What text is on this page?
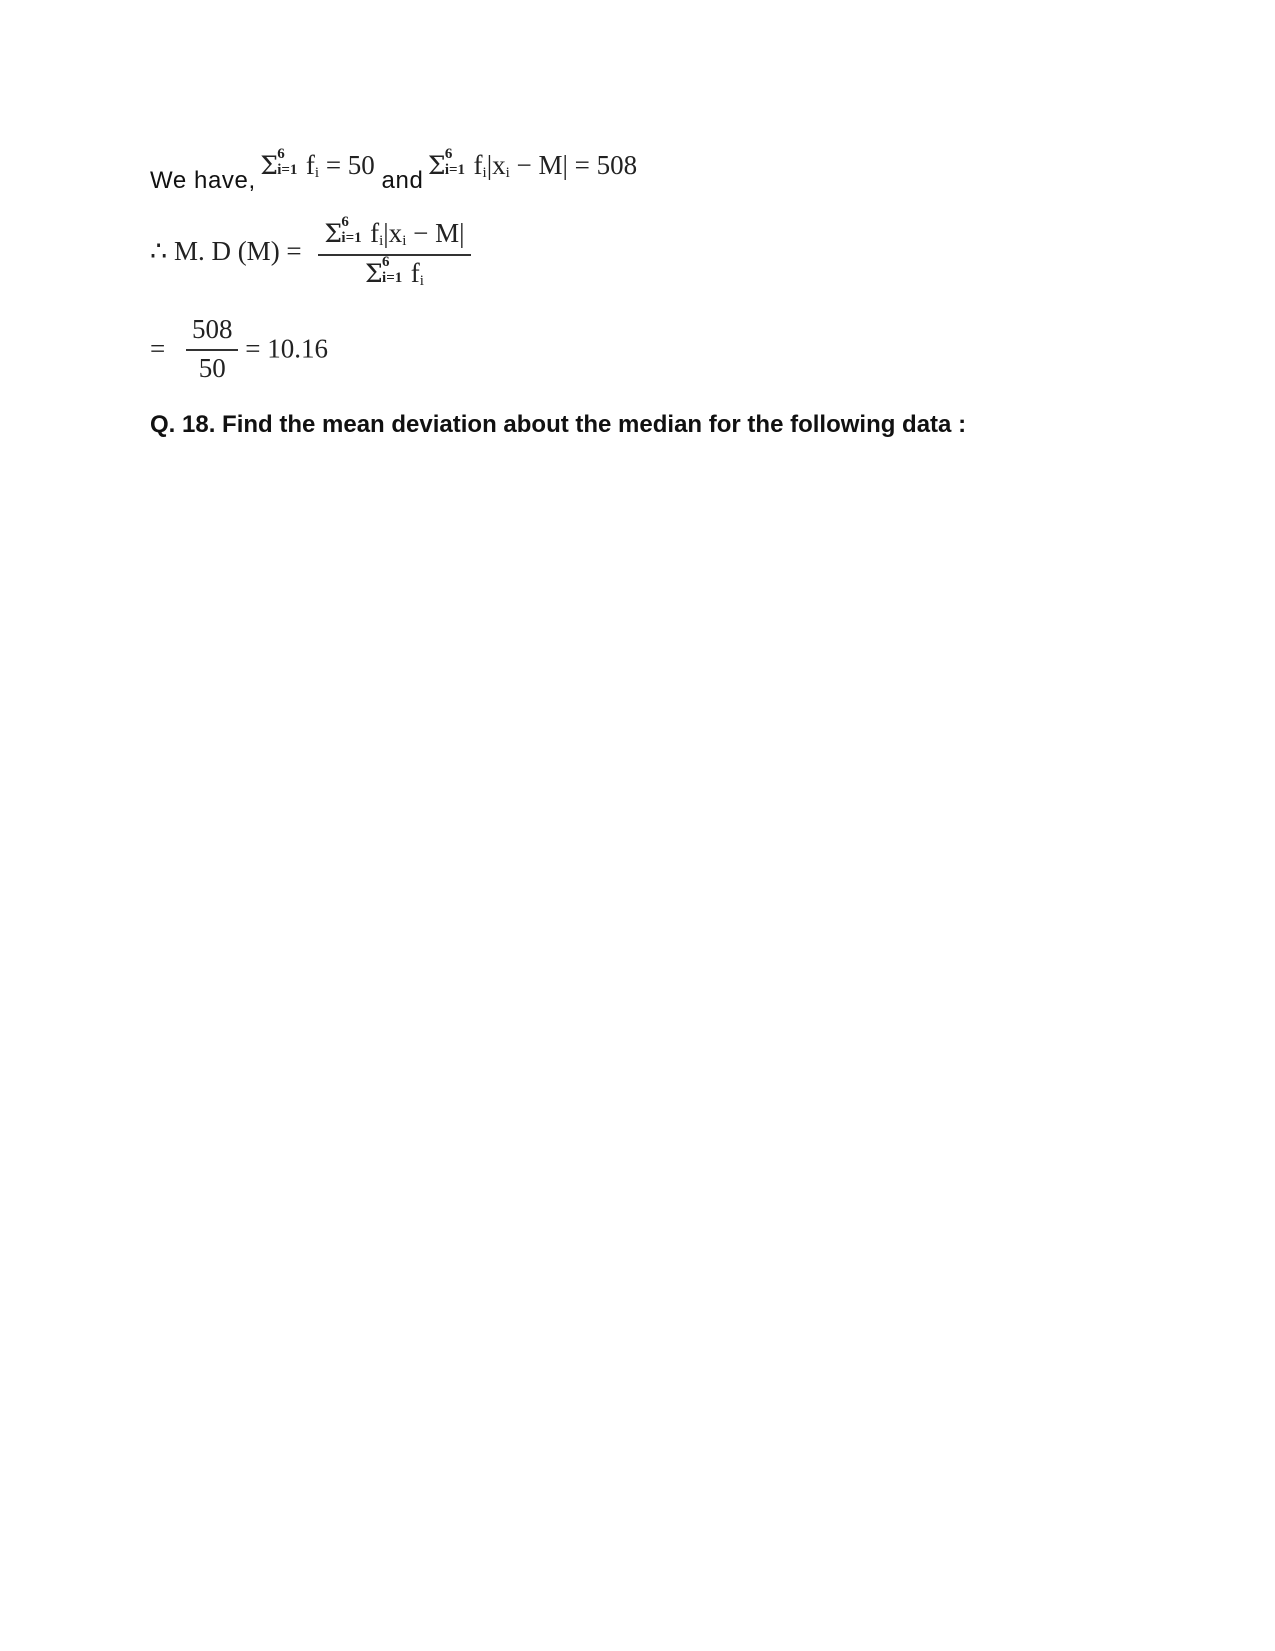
We have, Σ 6
i=1 $f_i = 50$ and Σ 6
i=1 $f_i|x_i - M| = 508$
∴ M. D (M) = Σ 6
i=1 $f_i|x_i - M|$
Σ 6
i=1 $f_i$
= $\frac{508}{50} = 10.16$
Q. 18. Find the mean deviation about the median for the following data :
